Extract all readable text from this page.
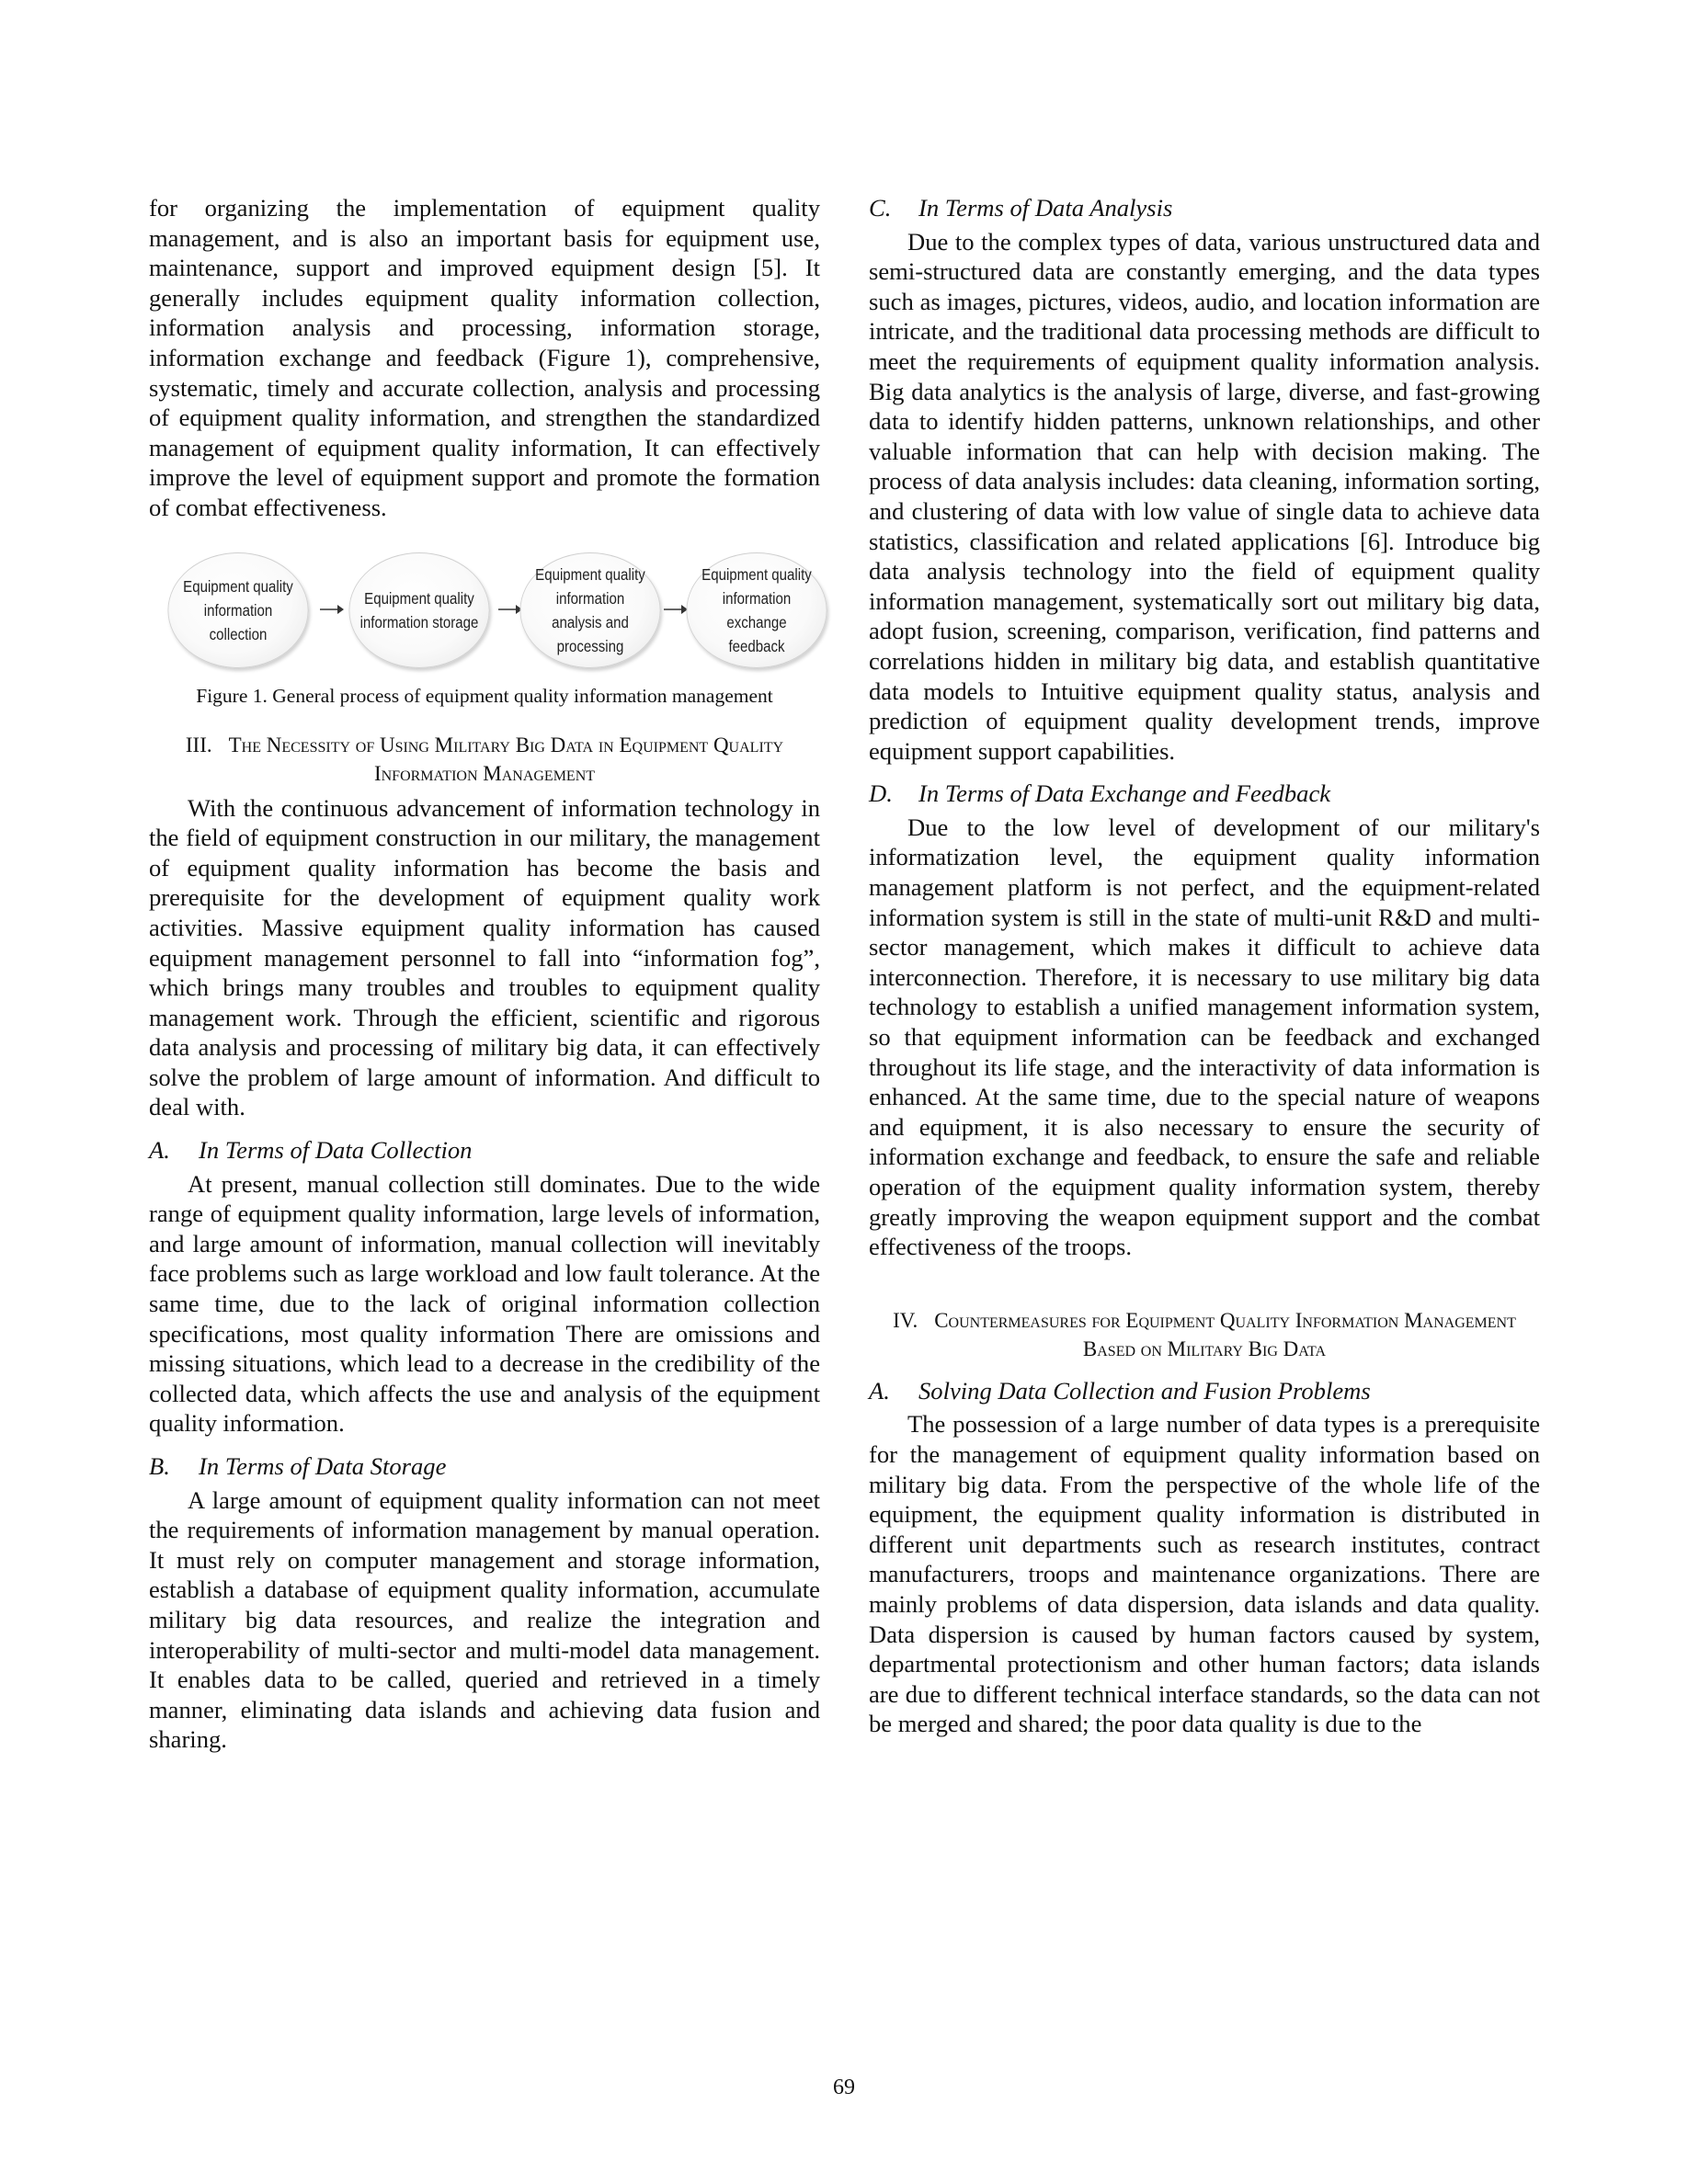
for organizing the implementation of equipment quality management, and is also an important basis for equipment use, maintenance, support and improved equipment design [5]. It generally includes equipment quality information collection, information analysis and processing, information storage, information exchange and feedback (Figure 1), comprehensive, systematic, timely and accurate collection, analysis and processing of equipment quality information, and strengthen the standardized management of equipment quality information, It can effectively improve the level of equipment support and promote the formation of combat effectiveness.

Equipment quality information collection
Equipment quality information storage
Equipment quality information analysis and processing
Equipment quality information exchange feedback

Figure 1. General process of equipment quality information management

III. The Necessity of Using Military Big Data in Equipment Quality Information Management

With the continuous advancement of information technology in the field of equipment construction in our military, the management of equipment quality information has become the basis and prerequisite for the development of equipment quality work activities. Massive equipment quality information has caused equipment management personnel to fall into “information fog”, which brings many troubles and troubles to equipment quality management work. Through the efficient, scientific and rigorous data analysis and processing of military big data, it can effectively solve the problem of large amount of information. And difficult to deal with.

A. In Terms of Data Collection

At present, manual collection still dominates. Due to the wide range of equipment quality information, large levels of information, and large amount of information, manual collection will inevitably face problems such as large workload and low fault tolerance. At the same time, due to the lack of original information collection specifications, most quality information There are omissions and missing situations, which lead to a decrease in the credibility of the collected data, which affects the use and analysis of the equipment quality information.

B. In Terms of Data Storage

A large amount of equipment quality information can not meet the requirements of information management by manual operation. It must rely on computer management and storage information, establish a database of equipment quality information, accumulate military big data resources, and realize the integration and interoperability of multi-sector and multi-model data management. It enables data to be called, queried and retrieved in a timely manner, eliminating data islands and achieving data fusion and sharing.

C. In Terms of Data Analysis

Due to the complex types of data, various unstructured data and semi-structured data are constantly emerging, and the data types such as images, pictures, videos, audio, and location information are intricate, and the traditional data processing methods are difficult to meet the requirements of equipment quality information analysis. Big data analytics is the analysis of large, diverse, and fast-growing data to identify hidden patterns, unknown relationships, and other valuable information that can help with decision making. The process of data analysis includes: data cleaning, information sorting, and clustering of data with low value of single data to achieve data statistics, classification and related applications [6]. Introduce big data analysis technology into the field of equipment quality information management, systematically sort out military big data, adopt fusion, screening, comparison, verification, find patterns and correlations hidden in military big data, and establish quantitative data models to Intuitive equipment quality status, analysis and prediction of equipment quality development trends, improve equipment support capabilities.

D. In Terms of Data Exchange and Feedback

Due to the low level of development of our military's informatization level, the equipment quality information management platform is not perfect, and the equipment-related information system is still in the state of multi-unit R&D and multi-sector management, which makes it difficult to achieve data interconnection. Therefore, it is necessary to use military big data technology to establish a unified management information system, so that equipment information can be feedback and exchanged throughout its life stage, and the interactivity of data information is enhanced. At the same time, due to the special nature of weapons and equipment, it is also necessary to ensure the security of information exchange and feedback, to ensure the safe and reliable operation of the equipment quality information system, thereby greatly improving the weapon equipment support and the combat effectiveness of the troops.

IV. Countermeasures for Equipment Quality Information Management Based on Military Big Data
A. Solving Data Collection and Fusion Problems

The possession of a large number of data types is a prerequisite for the management of equipment quality information based on military big data. From the perspective of the whole life of the equipment, the equipment quality information is distributed in different unit departments such as research institutes, contract manufacturers, troops and maintenance organizations. There are mainly problems of data dispersion, data islands and data quality. Data dispersion is caused by human factors caused by system, departmental protectionism and other human factors; data islands are due to different technical interface standards, so the data can not be merged and shared; the poor data quality is due to the

69
